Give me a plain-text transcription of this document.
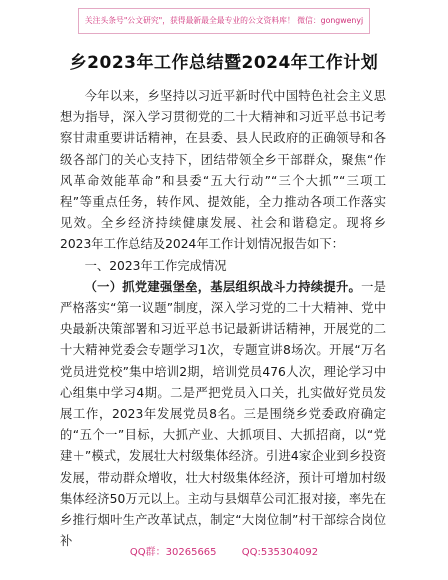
关注头条号"公文研究"，获得最新最全最专业的公文资料库！ 微信：gongwenyj
乡2023年工作总结暨2024年工作计划

今年以来，乡坚持以习近平新时代中国特色社会主义思想为指导，深入学习贯彻党的二十大精神和习近平总书记考察甘肃重要讲话精神，在县委、县人民政府的正确领导和各级各部门的关心支持下，团结带领全乡干部群众，聚焦“作风革命效能革命”和县委“五大行动”“三个大抓”“三项工程”等重点任务，转作风、提效能，全力推动各项工作落实见效。全乡经济持续健康发展、社会和谐稳定。现将乡2023年工作总结及2024年工作计划情况报告如下：

一、2023年工作完成情况

（一）抓党建强堡垒，基层组织战斗力持续提升。一是严格落实“第一议题”制度，深入学习党的二十大精神、党中央最新决策部署和习近平总书记最新讲话精神，开展党的二十大精神党委会专题学习1次，专题宣讲8场次。开展“万名党员进党校”集中培训2期，培训党员476人次，理论学习中心组集中学习4期。二是严把党员入口关，扎实做好党员发展工作，2023年发展党员8名。三是围绕乡党委政府确定的“五个一”目标，大抓产业、大抓项目、大抓招商，以“党建＋”模式，发展壮大村级集体经济。引进4家企业到乡投资发展，带动群众增收，壮大村级集体经济，预计可增加村级集体经济50万元以上。主动与县烟草公司汇报对接，率先在乡推行烟叶生产改革试点，制定“大岗位制”村干部综合岗位补

QQ群：30265665	QQ:535304092
